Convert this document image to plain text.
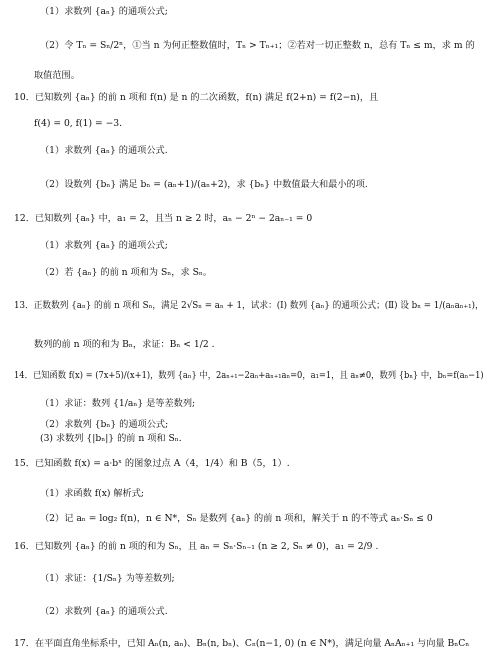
（1）求数列 {aₙ} 的通项公式;
（2）令 Tₙ = Sₙ/2ⁿ，①当 n 为何正整数值时，Tₙ > Tₙ₊₁；②若对一切正整数 n，总有 Tₙ ≤ m，求 m 的
取值范围。
10．已知数列 {aₙ} 的前 n 项和 f(n) 是 n 的二次函数，f(n) 满足 f(2+n) = f(2−n)，且
f(4) = 0, f(1) = −3.
（1）求数列 {aₙ} 的通项公式.
（2）设数列 {bₙ} 满足 bₙ = (aₙ+1)/(aₙ+2)，求 {bₙ} 中数值最大和最小的项.
12．已知数列 {aₙ} 中，a₁ = 2，且当 n ≥ 2 时，aₙ − 2ⁿ − 2aₙ₋₁ = 0
（1）求数列 {aₙ} 的通项公式;
（2）若 {aₙ} 的前 n 项和为 Sₙ，求 Sₙ。
13．正数数列 {aₙ} 的前 n 项和 Sₙ，满足 2√Sₙ = aₙ + 1，试求：(Ⅰ) 数列 {aₙ} 的通项公式；(Ⅱ) 设 bₙ = 1/(aₙaₙ₊₁)，
数列的前 n 项的和为 Bₙ，求证：Bₙ < 1/2 .
14．已知函数 f(x) = (7x+5)/(x+1)，数列 {aₙ} 中，2aₙ₊₁−2aₙ+aₙ₊₁aₙ=0，a₁=1，且 aₙ≠0，数列 {bₙ} 中，bₙ=f(aₙ−1)
（1）求证：数列 {1/aₙ} 是等差数列;
（2）求数列 {bₙ} 的通项公式;
(3) 求数列 {|bₙ|} 的前 n 项和 Sₙ.
15．已知函数 f(x) = a·bˣ 的图象过点 A（4，1/4）和 B（5，1）.
（1）求函数 f(x) 解析式;
（2）记 aₙ = log₂ f(n)，n ∈ N*，Sₙ 是数列 {aₙ} 的前 n 项和，解关于 n 的不等式 aₙ·Sₙ ≤ 0
16．已知数列 {aₙ} 的前 n 项的和为 Sₙ，且 aₙ = Sₙ·Sₙ₋₁ (n ≥ 2, Sₙ ≠ 0)，a₁ = 2/9 .
（1）求证：{1/Sₙ} 为等差数列;
（2）求数列 {aₙ} 的通项公式.
17．在平面直角坐标系中，已知 Aₙ(n, aₙ)、Bₙ(n, bₙ)、Cₙ(n−1, 0) (n ∈ N*)，满足向量 AₙAₙ₊₁ 与向量 BₙCₙ
